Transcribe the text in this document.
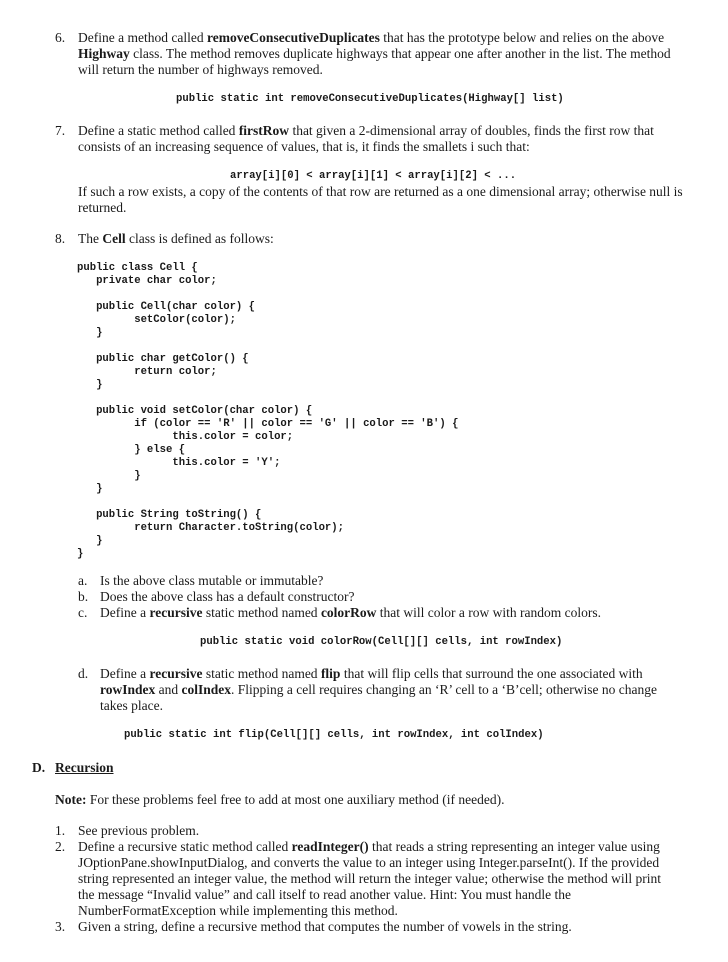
6. Define a method called removeConsecutiveDuplicates that has the prototype below and relies on the above Highway class. The method removes duplicate highways that appear one after another in the list. The method will return the number of highways removed.

public static int removeConsecutiveDuplicates(Highway[] list)
7. Define a static method called firstRow that given a 2-dimensional array of doubles, finds the first row that consists of an increasing sequence of values, that is, it finds the smallets i such that:

array[i][0] < array[i][1] < array[i][2] < ...

If such a row exists, a copy of the contents of that row are returned as a one dimensional array; otherwise null is returned.

8. The Cell class is defined as follows:

public class Cell {

private char color;

public Cell(char color) {

setColor(color);

}

public char getColor() {

return color;

}

public void setColor(char color) {

if (color == 'R' || color == 'G' || color == 'B') {

this.color = color;

} else {

this.color = 'Y';

}

}

public String toString() {

return Character.toString(color);

}

}

a. Is the above class mutable or immutable?
b. Does the above class has a default constructor?
c. Define a recursive static method named colorRow that will color a row with random colors.

public static void colorRow(Cell[][] cells, int rowIndex)
d. Define a recursive static method named flip that will flip cells that surround the one associated with rowIndex and colIndex. Flipping a cell requires changing an ‘R’ cell to a ‘B’cell; otherwise no change takes place.

public static int flip(Cell[][] cells, int rowIndex, int colIndex)
D. Recursion

Note: For these problems feel free to add at most one auxiliary method (if needed).

1. See previous problem.
2. Define a recursive static method called readInteger() that reads a string representing an integer value using JOptionPane.showInputDialog, and converts the value to an integer using Integer.parseInt(). If the provided string represented an integer value, the method will return the integer value; otherwise the method will print the message “Invalid value” and call itself to read another value. Hint: You must handle the NumberFormatException while implementing this method.

3. Given a string, define a recursive method that computes the number of vowels in the string.
